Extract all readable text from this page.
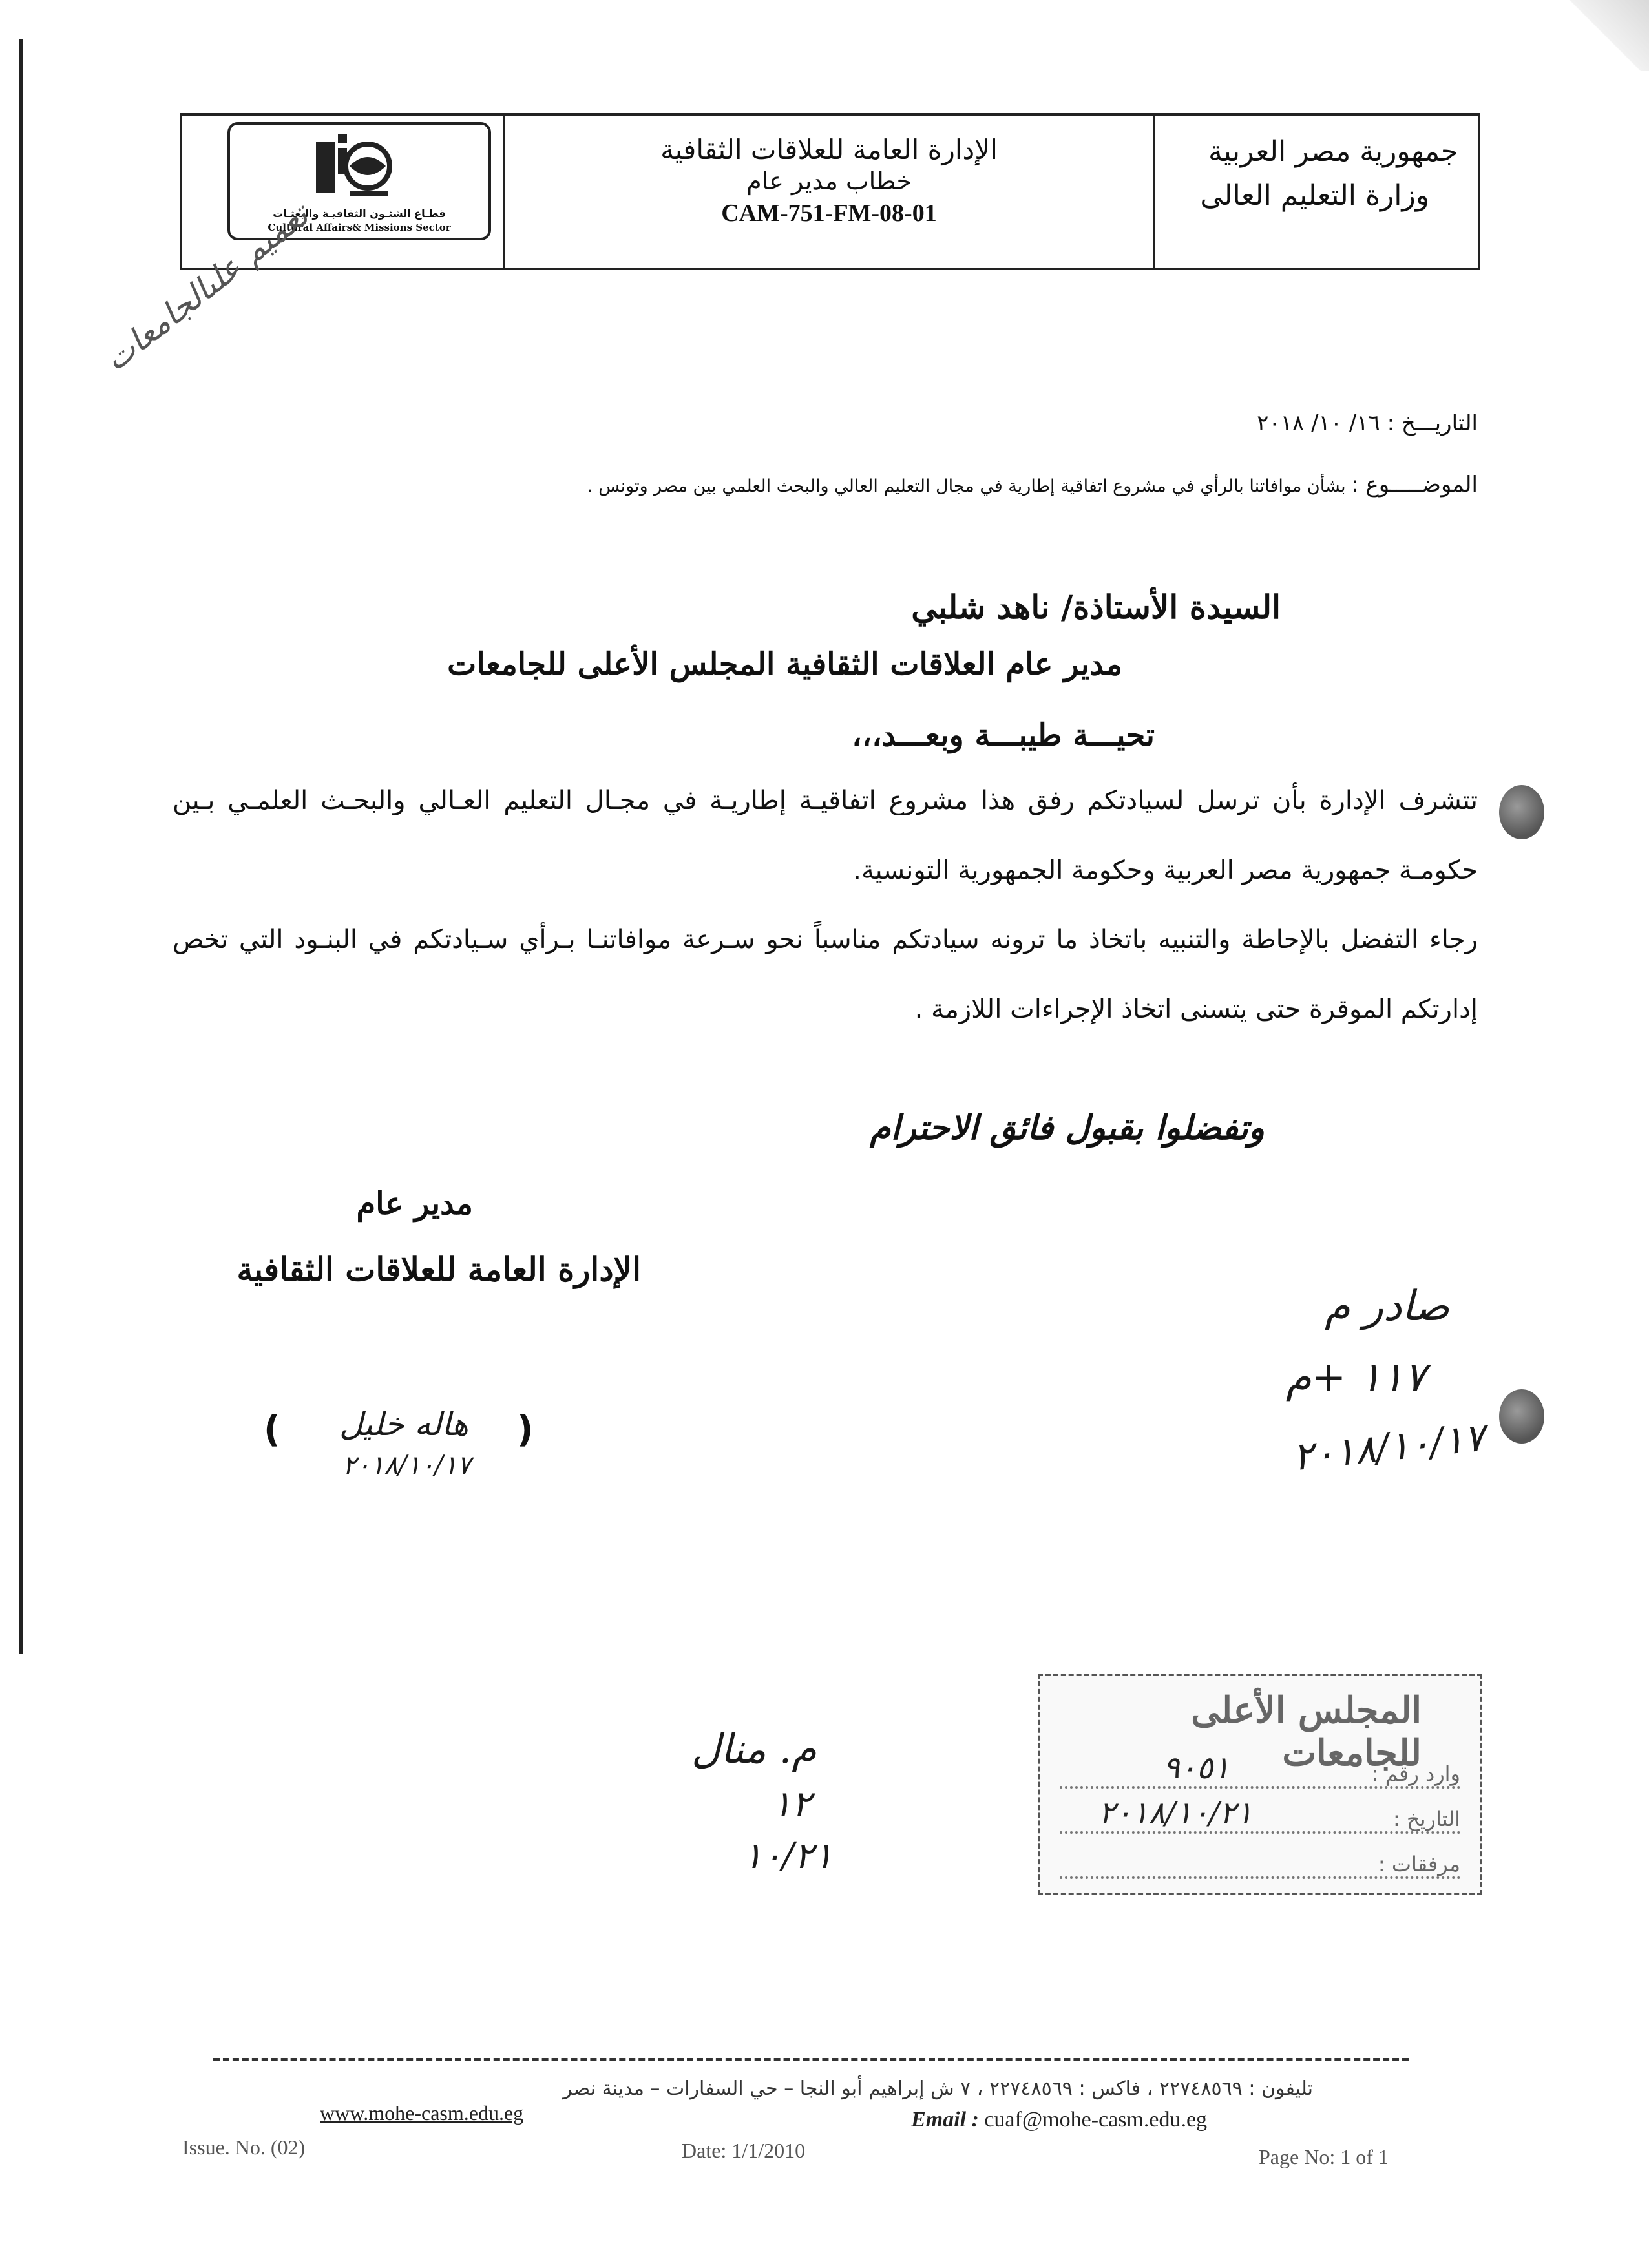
قطـاع الشئـون الثقافيـة والبعثـات
Cultural Affairs& Missions Sector
الإدارة العامة للعلاقات الثقافية
خطاب مدير عام
CAM-751-FM-08-01
جمهورية مصر العربية
وزارة التعليم العالى
تعميم علىالجامعات
التاريـــخ : ١٦/ ١٠/ ٢٠١٨
الموضـــــوع : بشأن موافاتنا بالرأي في مشروع اتفاقية إطارية في مجال التعليم العالي والبحث العلمي بين مصر وتونس .
السيدة الأستاذة/ ناهد شلبي
مدير عام العلاقات الثقافية المجلس الأعلى للجامعات
تحيـــة طيبـــة وبعـــد،،،
تتشرف الإدارة بأن ترسل لسيادتكم رفق هذا مشروع اتفاقيـة إطاريـة في مجـال التعليم العـالي والبحـث العلمـي بـين حكومـة جمهورية مصر العربية وحكومة الجمهورية التونسية.
رجاء التفضل بالإحاطة والتنبيه باتخاذ ما ترونه سيادتكم مناسباً نحو سـرعة موافاتنـا بـرأي سـيادتكم في البنـود التي تخص إدارتكم الموقرة حتى يتسنى اتخاذ الإجراءات اللازمة .
وتفضلوا بقبول فائق الاحترام
مدير عام
الإدارة العامة للعلاقات الثقافية
(	)
هاله خليل
٢٠١٨/١٠/١٧
صادر م
١١٧ +م
٢٠١٨/١٠/١٧
م. منال
١٢
١٠/٢١
المجلس الأعلى للجامعات
وارد رقم :
٩٠٥١
التاريخ :
٢٠١٨/١٠/٢١
مرفقات :
تليفون : ٢٢٧٤٨٥٦٩ ، فاكس : ٢٢٧٤٨٥٦٩ ، ٧ ش إبراهيم أبو النجا – حي السفارات – مدينة نصر
www.mohe-casm.edu.eg	Email : cuaf@mohe-casm.edu.eg
Issue. No. (02)	Date: 1/1/2010	Page No: 1 of 1
